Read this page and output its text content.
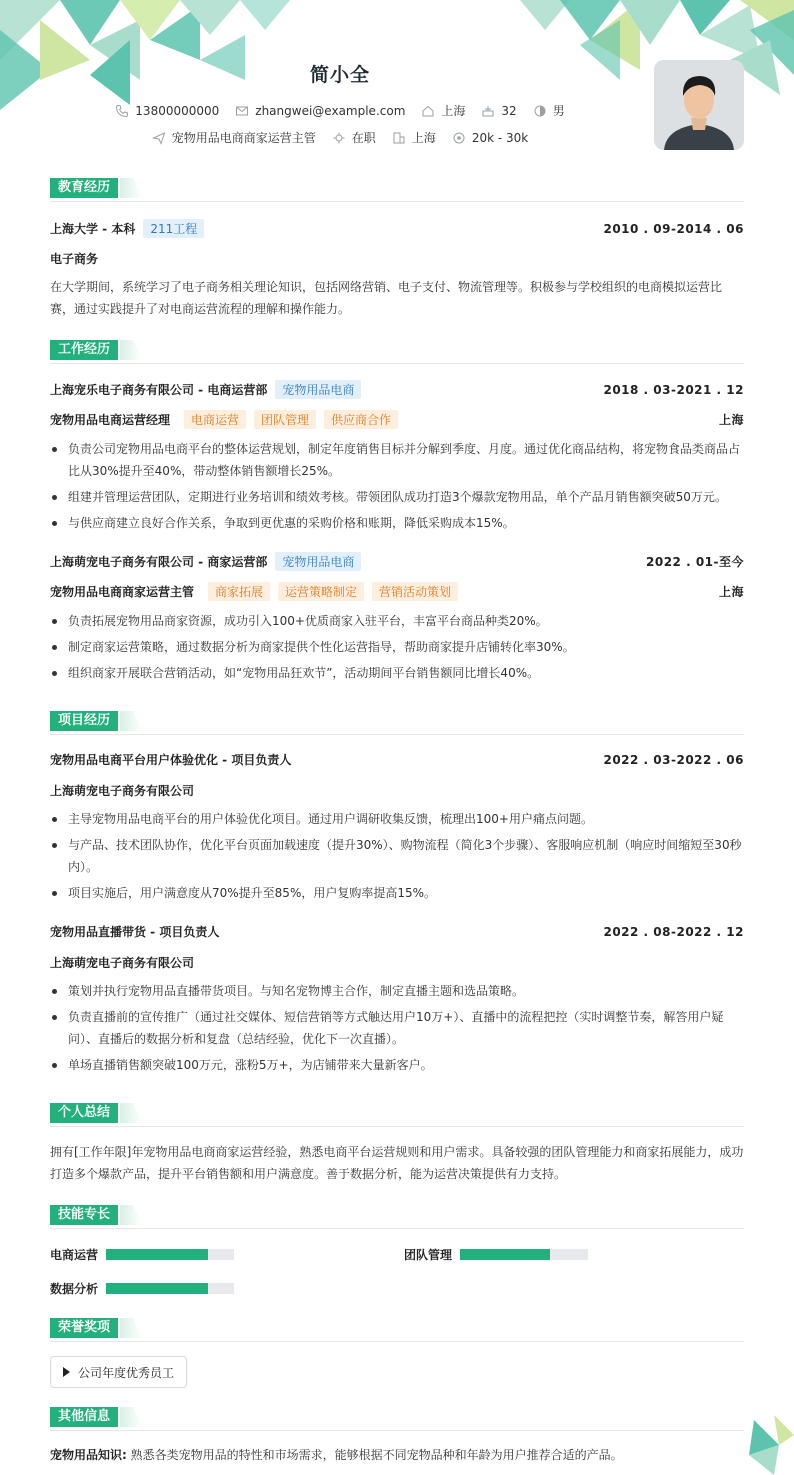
简小全
13800000000	zhangwei@example.com	上海	32	男
宠物用品电商商家运营主管	在职	上海	20k - 30k
教育经历
上海大学 - 本科	211工程	2010 . 09-2014 . 06
电子商务
在大学期间，系统学习了电子商务相关理论知识，包括网络营销、电子支付、物流管理等。积极参与学校组织的电商模拟运营比赛，通过实践提升了对电商运营流程的理解和操作能力。
工作经历
上海宠乐电子商务有限公司 - 电商运营部	宠物用品电商	2018 . 03-2021 . 12
宠物用品电商运营经理	电商运营	团队管理	供应商合作	上海
负责公司宠物用品电商平台的整体运营规划，制定年度销售目标并分解到季度、月度。通过优化商品结构，将宠物食品类商品占比从30%提升至40%，带动整体销售额增长25%。
组建并管理运营团队，定期进行业务培训和绩效考核。带领团队成功打造3个爆款宠物用品，单个产品月销售额突破50万元。
与供应商建立良好合作关系，争取到更优惠的采购价格和账期，降低采购成本15%。
上海萌宠电子商务有限公司 - 商家运营部	宠物用品电商	2022 . 01-至今
宠物用品电商商家运营主管	商家拓展	运营策略制定	营销活动策划	上海
负责拓展宠物用品商家资源，成功引入100+优质商家入驻平台，丰富平台商品种类20%。
制定商家运营策略，通过数据分析为商家提供个性化运营指导，帮助商家提升店铺转化率30%。
组织商家开展联合营销活动，如“宠物用品狂欢节”，活动期间平台销售额同比增长40%。
项目经历
宠物用品电商平台用户体验优化 - 项目负责人	2022 . 03-2022 . 06
上海萌宠电子商务有限公司
主导宠物用品电商平台的用户体验优化项目。通过用户调研收集反馈，梳理出100+用户痛点问题。
与产品、技术团队协作，优化平台页面加载速度（提升30%）、购物流程（简化3个步骤）、客服响应机制（响应时间缩短至30秒内）。
项目实施后，用户满意度从70%提升至85%，用户复购率提高15%。
宠物用品直播带货 - 项目负责人	2022 . 08-2022 . 12
上海萌宠电子商务有限公司
策划并执行宠物用品直播带货项目。与知名宠物博主合作，制定直播主题和选品策略。
负责直播前的宣传推广（通过社交媒体、短信营销等方式触达用户10万+）、直播中的流程把控（实时调整节奏，解答用户疑问）、直播后的数据分析和复盘（总结经验，优化下一次直播）。
单场直播销售额突破100万元，涨粉5万+，为店铺带来大量新客户。
个人总结
拥有[工作年限]年宠物用品电商商家运营经验，熟悉电商平台运营规则和用户需求。具备较强的团队管理能力和商家拓展能力，成功打造多个爆款产品，提升平台销售额和用户满意度。善于数据分析，能为运营决策提供有力支持。
技能专长
电商运营	团队管理
数据分析
荣誉奖项
公司年度优秀员工
其他信息
宠物用品知识: 熟悉各类宠物用品的特性和市场需求，能够根据不同宠物品种和年龄为用户推荐合适的产品。
